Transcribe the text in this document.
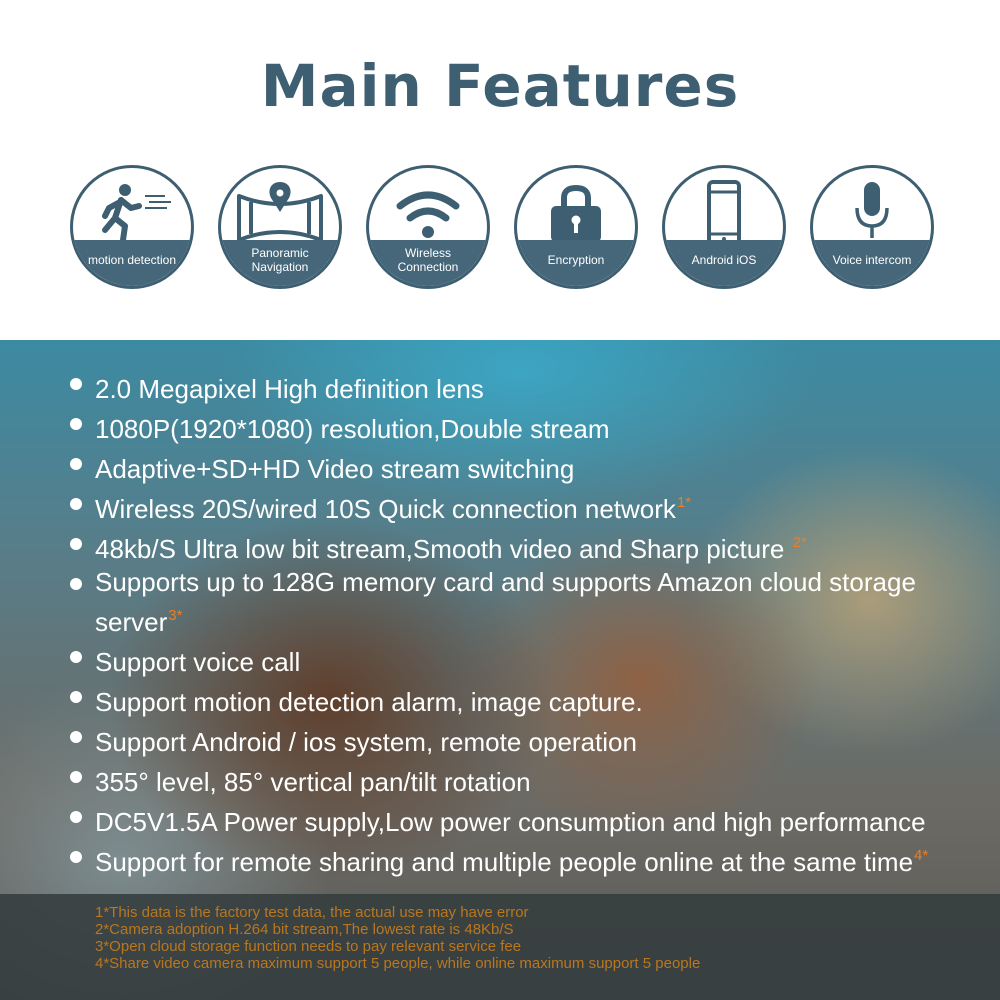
Main Features
motion detection	Panoramic Navigation
Wireless Connection	Encryption	Android iOS	Voice intercom
2.0 Megapixel High definition lens
1080P(1920*1080) resolution,Double stream
Adaptive+SD+HD Video stream switching
Wireless 20S/wired 10S Quick connection network$^{1*}$
48kb/S Ultra low bit stream,Smooth video and Sharp picture $^{2*}$
Supports up to 128G memory card and supports Amazon cloud storage server$^{3*}$
Support voice call
Support motion detection alarm, image capture.
Support Android / ios system, remote operation
355° level, 85° vertical pan/tilt rotation
DC5V1.5A Power supply,Low power consumption and high performance
Support for remote sharing and multiple people online at the same time$^{4*}$
1*This data is the factory test data, the actual use may have error
2*Camera adoption H.264 bit stream,The lowest rate is 48Kb/S
3*Open cloud storage function needs to pay relevant service fee
4*Share video camera maximum support 5 people, while online maximum support 5 people
